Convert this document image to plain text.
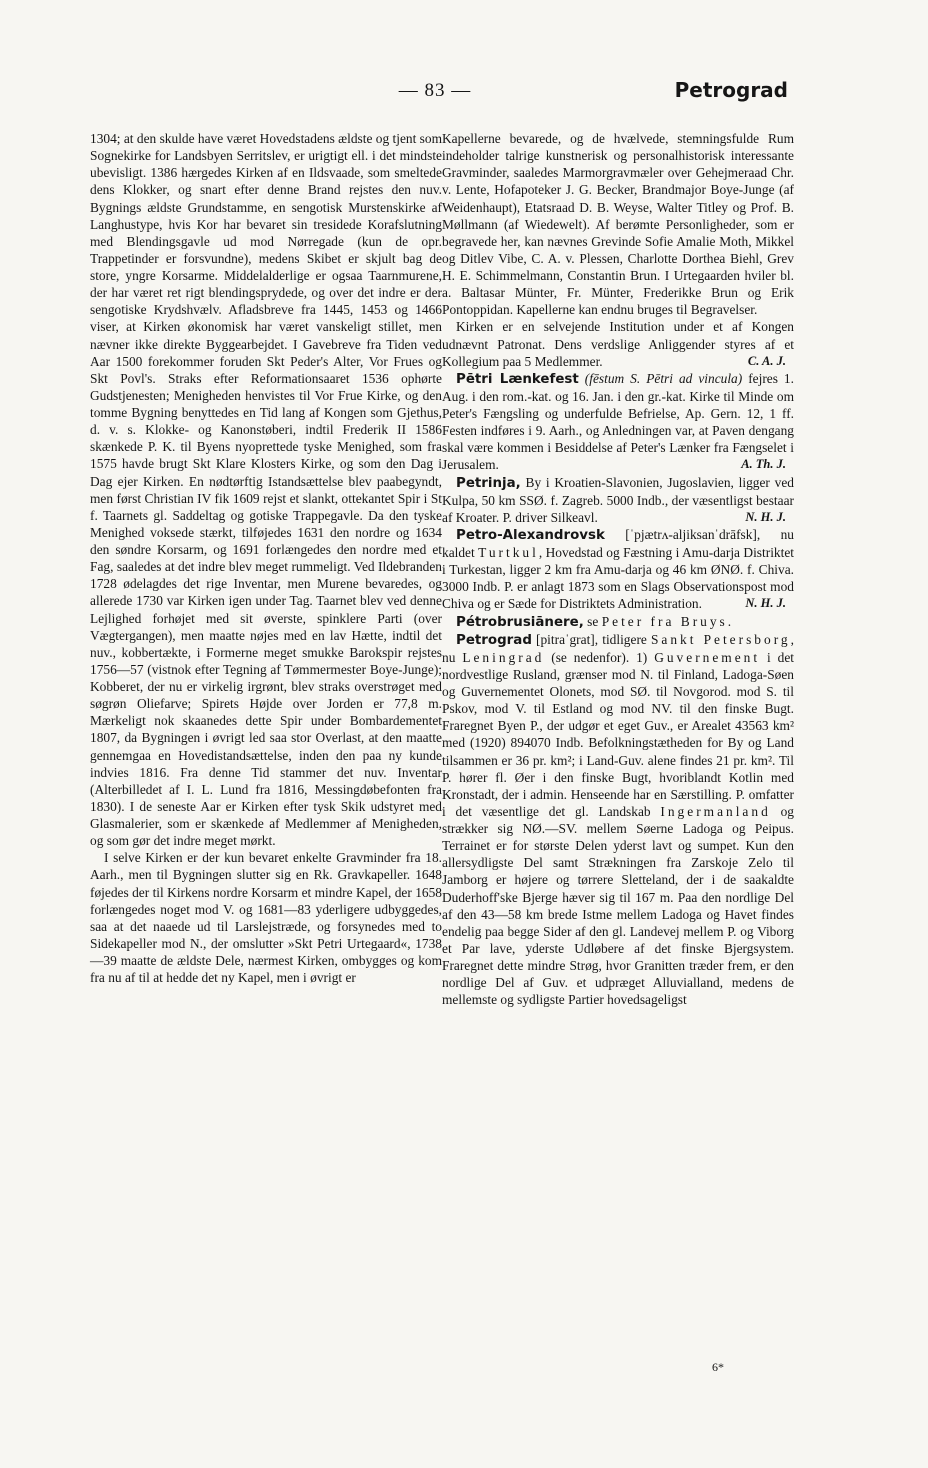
— 83 —	Petrograd

1304; at den skulde have været Hovedstadens ældste og tjent som Sognekirke for Landsbyen Serritslev, er urigtigt ell. i det mindste ubevisligt. 1386 hærgedes Kirken af en Ildsvaade, som smeltede dens Klokker, og snart efter denne Brand rejstes den nuv. Bygnings ældste Grundstamme, en sengotisk Murstenskirke af Langhustype, hvis Kor har bevaret sin tresidede Korafslutning med Blendingsgavle ud mod Nørregade (kun de opr. Trappetinder er forsvundne), medens Skibet er skjult bag de store, yngre Korsarme. Middelalderlige er ogsaa Taarnmurene, der har været ret rigt blendingsprydede, og over det indre er der sengotiske Krydshvælv. Afladsbreve fra 1445, 1453 og 1466 viser, at Kirken økonomisk har været vanskeligt stillet, men nævner ikke direkte Byggearbejdet. I Gavebreve fra Tiden ved Aar 1500 forekommer foruden Skt Peder's Alter, Vor Frues og Skt Povl's. Straks efter Reformationsaaret 1536 ophørte Gudstjenesten; Menigheden henvistes til Vor Frue Kirke, og den tomme Bygning benyttedes en Tid lang af Kongen som Gjethus, d. v. s. Klokke- og Kanonstøberi, indtil Frederik II 1586 skænkede P. K. til Byens nyoprettede tyske Menighed, som fra 1575 havde brugt Skt Klare Klosters Kirke, og som den Dag i Dag ejer Kirken. En nødtørftig Istandsættelse blev paabegyndt, men først Christian IV fik 1609 rejst et slankt, ottekantet Spir i St f. Taarnets gl. Saddeltag og gotiske Trappegavle. Da den tyske Menighed voksede stærkt, tilføjedes 1631 den nordre og 1634 den søndre Korsarm, og 1691 forlængedes den nordre med et Fag, saaledes at det indre blev meget rummeligt. Ved Ildebranden 1728 ødelagdes det rige Inventar, men Murene bevaredes, og allerede 1730 var Kirken igen under Tag. Taarnet blev ved denne Lejlighed forhøjet med sit øverste, spinklere Parti (over Vægtergangen), men maatte nøjes med en lav Hætte, indtil det nuv., kobbertækte, i Formerne meget smukke Barokspir rejstes 1756—57 (vistnok efter Tegning af Tømmermester Boye-Junge); Kobberet, der nu er virkelig irgrønt, blev straks overstrøget med søgrøn Oliefarve; Spirets Højde over Jorden er 77,8 m. Mærkeligt nok skaanedes dette Spir under Bombardementet 1807, da Bygningen i øvrigt led saa stor Overlast, at den maatte gennemgaa en Hovedistandsættelse, inden den paa ny kunde indvies 1816. Fra denne Tid stammer det nuv. Inventar (Alterbilledet af I. L. Lund fra 1816, Messingdøbefonten fra 1830). I de seneste Aar er Kirken efter tysk Skik udstyret med Glasmalerier, som er skænkede af Medlemmer af Menigheden, og som gør det indre meget mørkt.

I selve Kirken er der kun bevaret enkelte Gravminder fra 18. Aarh., men til Bygningen slutter sig en Rk. Gravkapeller. 1648 føjedes der til Kirkens nordre Korsarm et mindre Kapel, der 1658 forlængedes noget mod V. og 1681—83 yderligere udbyggedes, saa at det naaede ud til Larslejstræde, og forsynedes med to Sidekapeller mod N., der omslutter »Skt Petri Urtegaard«, 1738—39 maatte de ældste Dele, nærmest Kirken, ombygges og kom fra nu af til at hedde det ny Kapel, men i øvrigt er

Kapellerne bevarede, og de hvælvede, stemningsfulde Rum indeholder talrige kunstnerisk og personalhistorisk interessante Gravminder, saaledes Marmorgravmæler over Gehejmeraad Chr. v. Lente, Hofapoteker J. G. Becker, Brandmajor Boye-Junge (af Weidenhaupt), Etatsraad D. B. Weyse, Walter Titley og Prof. B. Møllmann (af Wiedewelt). Af berømte Personligheder, som er begravede her, kan nævnes Grevinde Sofie Amalie Moth, Mikkel og Ditlev Vibe, C. A. v. Plessen, Charlotte Dorthea Biehl, Grev H. E. Schimmelmann, Constantin Brun. I Urtegaarden hviler bl. a. Baltasar Münter, Fr. Münter, Frederikke Brun og Erik Pontoppidan. Kapellerne kan endnu bruges til Begravelser.

Kirken er en selvejende Institution under et af Kongen udnævnt Patronat. Dens verdslige Anliggender styres af et Kollegium paa 5 Medlemmer.	C. A. J.

Pētri Lænkefest (fēstum S. Pētri ad vincula) fejres 1. Aug. i den rom.-kat. og 16. Jan. i den gr.-kat. Kirke til Minde om Peter's Fængsling og underfulde Befrielse, Ap. Gern. 12, 1 ff. Festen indføres i 9. Aarh., og Anledningen var, at Paven dengang skal være kommen i Besiddelse af Peter's Lænker fra Fængselet i Jerusalem.	A. Th. J.

Petrinja, By i Kroatien-Slavonien, Jugoslavien, ligger ved Kulpa, 50 km SSØ. f. Zagreb. 5000 Indb., der væsentligst bestaar af Kroater. P. driver Silkeavl.	N. H. J.

Petro-Alexandrovsk [ˈpjætrʌ-aljiksanˈdrāfsk], nu kaldet Turtkul, Hovedstad og Fæstning i Amu-darja Distriktet i Turkestan, ligger 2 km fra Amu-darja og 46 km ØNØ. f. Chiva. 3000 Indb. P. er anlagt 1873 som en Slags Observationspost mod Chiva og er Sæde for Distriktets Administration.	N. H. J.

Pétrobrusiānere, se Peter fra Bruys.

Petrograd [pitraˈgrat], tidligere Sankt Petersborg, nu Leningrad (se nedenfor). 1) Guvernement i det nordvestlige Rusland, grænser mod N. til Finland, Ladoga-Søen og Guvernementet Olonets, mod SØ. til Novgorod. mod S. til Pskov, mod V. til Estland og mod NV. til den finske Bugt. Fraregnet Byen P., der udgør et eget Guv., er Arealet 43563 km² med (1920) 894070 Indb. Befolkningstætheden for By og Land tilsammen er 36 pr. km²; i Land-Guv. alene findes 21 pr. km². Til P. hører fl. Øer i den finske Bugt, hvoriblandt Kotlin med Kronstadt, der i admin. Henseende har en Særstilling. P. omfatter i det væsentlige det gl. Landskab Ingermanland og strækker sig NØ.—SV. mellem Søerne Ladoga og Peipus. Terrainet er for største Delen yderst lavt og sumpet. Kun den allersydligste Del samt Strækningen fra Zarskoje Zelo til Jamborg er højere og tørrere Sletteland, der i de saakaldte Duderhoff'ske Bjerge hæver sig til 167 m. Paa den nordlige Del af den 43—58 km brede Istme mellem Ladoga og Havet findes endelig paa begge Sider af den gl. Landevej mellem P. og Viborg et Par lave, yderste Udløbere af det finske Bjergsystem. Fraregnet dette mindre Strøg, hvor Granitten træder frem, er den nordlige Del af Guv. et udpræget Alluvialland, medens de mellemste og sydligste Partier hovedsageligst

6*
